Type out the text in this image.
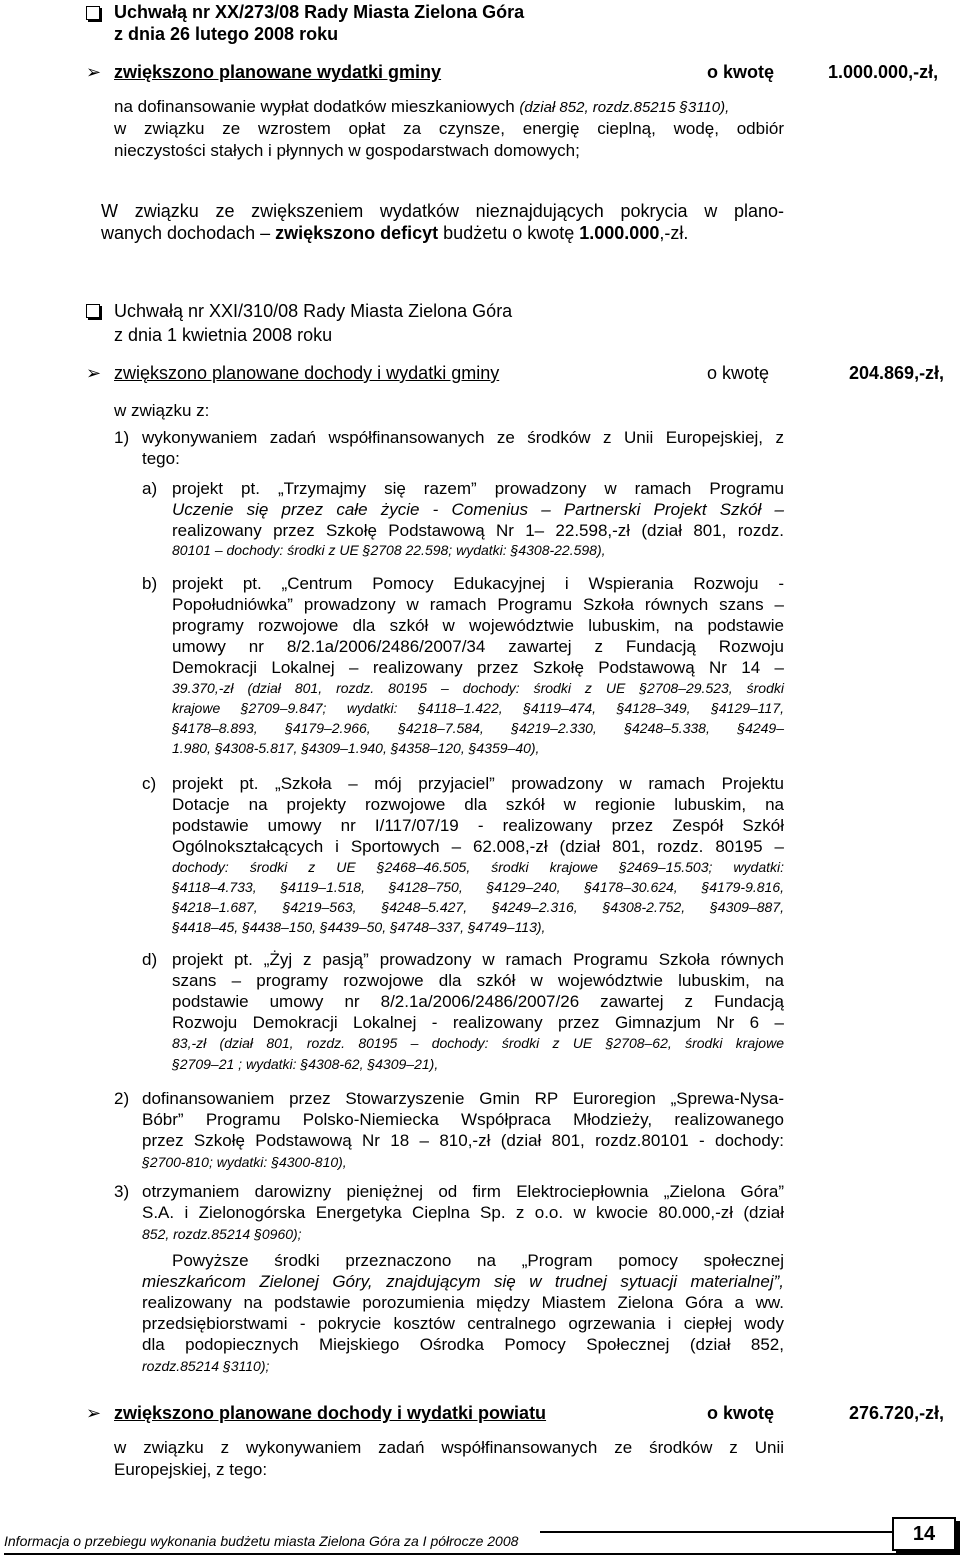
Uchwałą nr XX/273/08 Rady Miasta Zielona Góra
z dnia 26 lutego 2008 roku
➢ zwiększono planowane wydatki gminy	o kwotę	1.000.000,-zł,
na dofinansowanie wypłat dodatków mieszkaniowych (dział 852, rozdz.85215 §3110),
w związku ze wzrostem opłat za czynsze, energię cieplną, wodę, odbiór
nieczystości stałych i płynnych w gospodarstwach domowych;
W związku ze zwiększeniem wydatków nieznajdujących pokrycia w plano-
wanych dochodach – zwiększono deficyt budżetu o kwotę 1.000.000,-zł.
Uchwałą nr XXI/310/08 Rady Miasta Zielona Góra
z dnia 1 kwietnia 2008 roku
➢ zwiększono planowane dochody i wydatki gminy	o kwotę	204.869,-zł,
w związku z:
1) wykonywaniem zadań współfinansowanych ze środków z Unii Europejskiej, z
tego:
a) projekt pt. „Trzymajmy się razem” prowadzony w ramach Programu
Uczenie się przez całe życie - Comenius – Partnerski Projekt Szkół –
realizowany przez Szkołę Podstawową Nr 1– 22.598,-zł (dział 801, rozdz.
80101 – dochody: środki z UE §2708 22.598; wydatki: §4308-22.598),
b) projekt pt. „Centrum Pomocy Edukacyjnej i Wspierania Rozwoju -
Popołudniówka” prowadzony w ramach Programu Szkoła równych szans –
programy rozwojowe dla szkół w województwie lubuskim, na podstawie
umowy nr 8/2.1a/2006/2486/2007/34 zawartej z Fundacją Rozwoju
Demokracji Lokalnej – realizowany przez Szkołę Podstawową Nr 14 –
39.370,-zł (dział 801, rozdz. 80195 – dochody: środki z UE §2708–29.523, środki
krajowe §2709–9.847; wydatki: §4118–1.422, §4119–474, §4128–349, §4129–117,
§4178–8.893, §4179–2.966, §4218–7.584, §4219–2.330, §4248–5.338, §4249–
1.980, §4308-5.817, §4309–1.940, §4358–120, §4359–40),
c) projekt pt. „Szkoła – mój przyjaciel” prowadzony w ramach Projektu
Dotacje na projekty rozwojowe dla szkół w regionie lubuskim, na
podstawie umowy nr I/117/07/19 - realizowany przez Zespół Szkół
Ogólnokształcących i Sportowych – 62.008,-zł (dział 801, rozdz. 80195 –
dochody: środki z UE §2468–46.505, środki krajowe §2469–15.503; wydatki:
§4118–4.733, §4119–1.518, §4128–750, §4129–240, §4178–30.624, §4179-9.816,
§4218–1.687, §4219–563, §4248–5.427, §4249–2.316, §4308-2.752, §4309–887,
§4418–45, §4438–150, §4439–50, §4748–337, §4749–113),
d) projekt pt. „Żyj z pasją” prowadzony w ramach Programu Szkoła równych
szans – programy rozwojowe dla szkół w województwie lubuskim, na
podstawie umowy nr 8/2.1a/2006/2486/2007/26 zawartej z Fundacją
Rozwoju Demokracji Lokalnej - realizowany przez Gimnazjum Nr 6 –
83,-zł (dział 801, rozdz. 80195 – dochody: środki z UE §2708–62, środki krajowe
§2709–21 ; wydatki: §4308-62, §4309–21),
2) dofinansowaniem przez Stowarzyszenie Gmin RP Euroregion „Sprewa-Nysa-
Bóbr” Programu Polsko-Niemiecka Współpraca Młodzieży, realizowanego
przez Szkołę Podstawową Nr 18 – 810,-zł (dział 801, rozdz.80101 - dochody:
§2700-810; wydatki: §4300-810),
3) otrzymaniem darowizny pieniężnej od firm Elektrociepłownia „Zielona Góra”
S.A. i Zielonogórska Energetyka Cieplna Sp. z o.o. w kwocie 80.000,-zł (dział
852, rozdz.85214 §0960);
Powyższe środki przeznaczono na „Program pomocy społecznej
mieszkańcom Zielonej Góry, znajdującym się w trudnej sytuacji materialnej”,
realizowany na podstawie porozumienia między Miastem Zielona Góra a ww.
przedsiębiorstwami - pokrycie kosztów centralnego ogrzewania i ciepłej wody
dla podopiecznych Miejskiego Ośrodka Pomocy Społecznej (dział 852,
rozdz.85214 §3110);
➢ zwiększono planowane dochody i wydatki powiatu	o kwotę	276.720,-zł,
w związku z wykonywaniem zadań współfinansowanych ze środków z Unii
Europejskiej, z tego:
Informacja o przebiegu wykonania budżetu miasta Zielona Góra za I półrocze 2008	14
